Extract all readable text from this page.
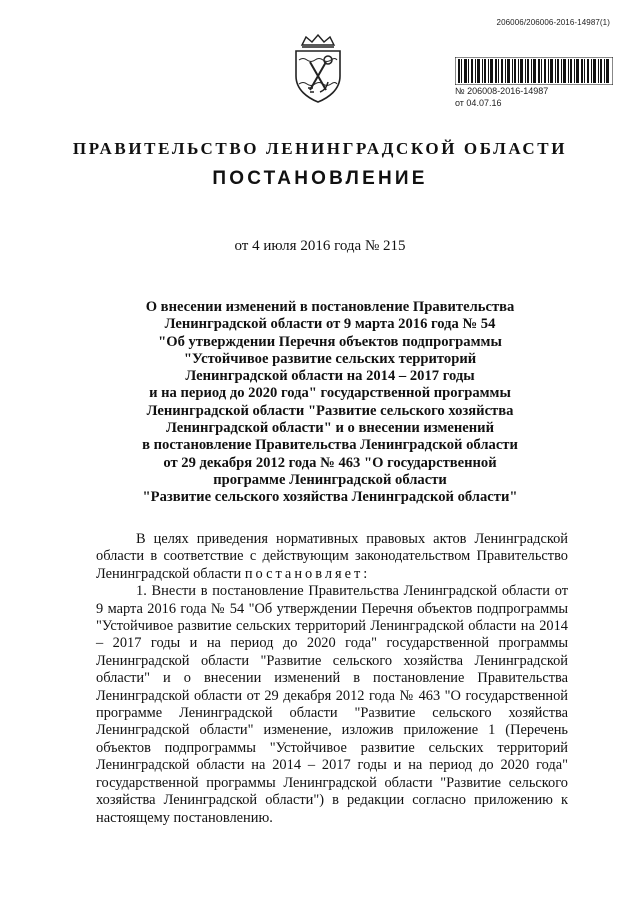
206006/206006-2016-14987(1)
№ 206008-2016-14987
от 04.07.16
ПРАВИТЕЛЬСТВО ЛЕНИНГРАДСКОЙ ОБЛАСТИ
ПОСТАНОВЛЕНИЕ
от 4 июля 2016 года № 215
О внесении изменений в постановление Правительства
Ленинградской области от 9 марта 2016 года № 54
"Об утверждении Перечня объектов подпрограммы
"Устойчивое развитие сельских территорий
Ленинградской области на 2014 – 2017 годы
и на период до 2020 года" государственной программы
Ленинградской области "Развитие сельского хозяйства
Ленинградской области" и о внесении изменений
в постановление Правительства Ленинградской области
от 29 декабря 2012 года № 463 "О государственной
программе Ленинградской области
"Развитие сельского хозяйства Ленинградской области"

В целях приведения нормативных правовых актов Ленинградской области в соответствие с действующим законодательством Правительство Ленинградской области постановляет:

1. Внести в постановление Правительства Ленинградской области от 9 марта 2016 года № 54 "Об утверждении Перечня объектов подпрограммы "Устойчивое развитие сельских территорий Ленинградской области на 2014 – 2017 годы и на период до 2020 года" государственной программы Ленинградской области "Развитие сельского хозяйства Ленинградской области" и о внесении изменений в постановление Правительства Ленинградской области от 29 декабря 2012 года № 463 "О государственной программе Ленинградской области "Развитие сельского хозяйства Ленинградской области" изменение, изложив приложение 1 (Перечень объектов подпрограммы "Устойчивое развитие сельских территорий Ленинградской области на 2014 – 2017 годы и на период до 2020 года" государственной программы Ленинградской области "Развитие сельского хозяйства Ленинградской области") в редакции согласно приложению к настоящему постановлению.
